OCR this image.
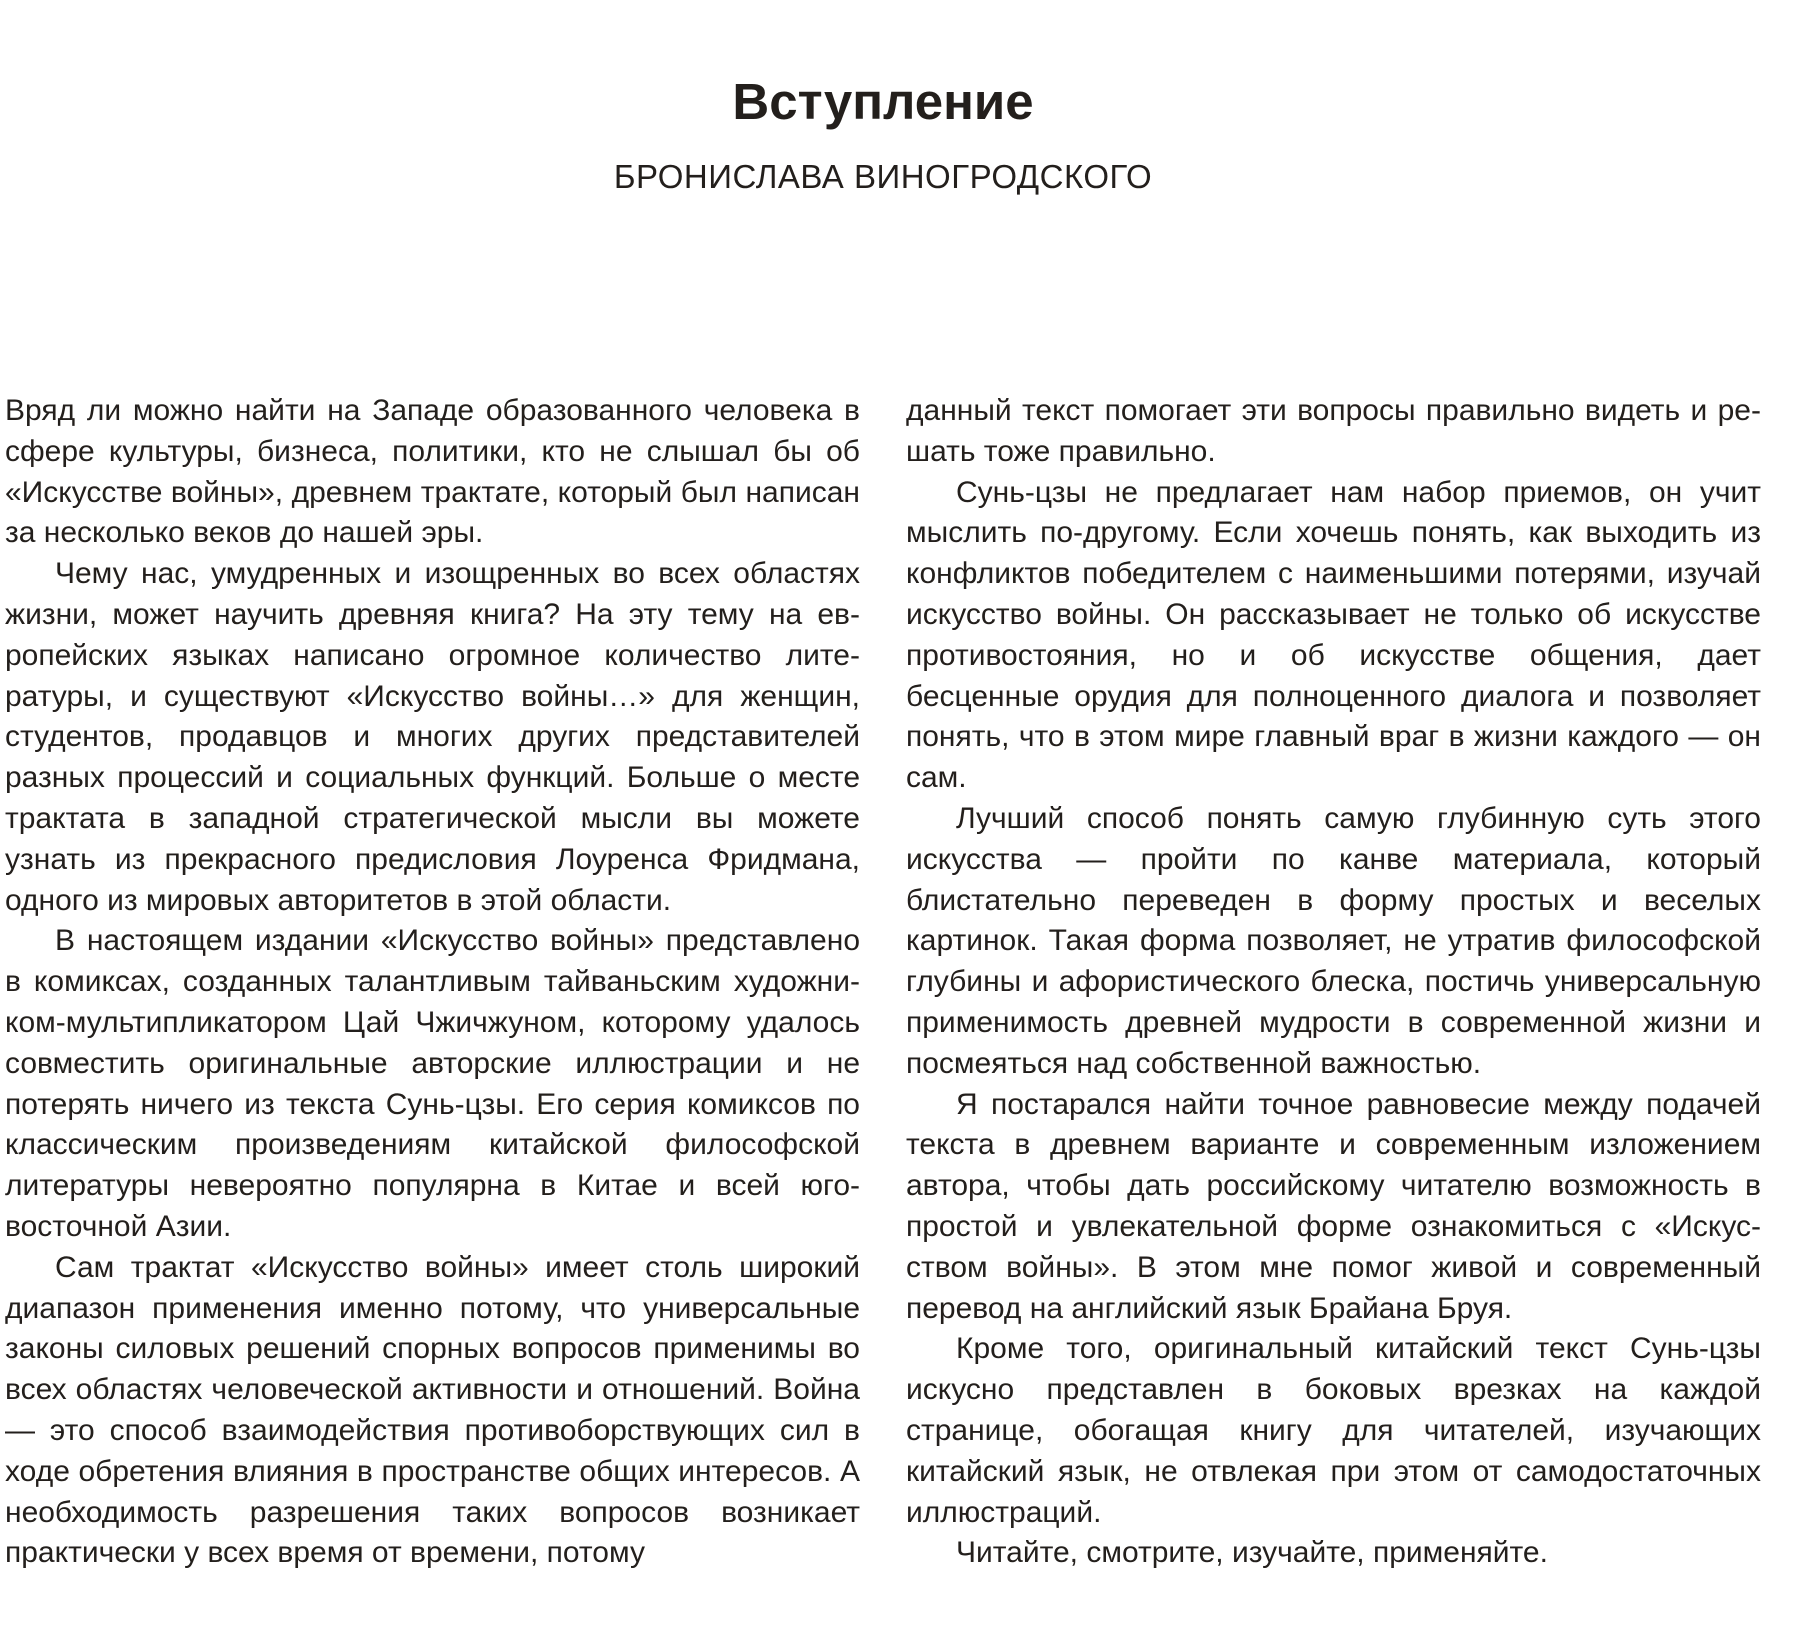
Вступление
БРОНИСЛАВА ВИНОГРОДСКОГО

Вряд ли можно найти на Западе образованного человека в сфере культуры, бизнеса, политики, кто не слышал бы об «Искусстве войны», древнем трактате, который был написан за несколько веков до нашей эры.

Чему нас, умудренных и изощренных во всех областях жизни, может научить древняя книга? На эту тему на европейских языках написано огромное количество литературы, и существуют «Искусство войны…» для женщин, студентов, продавцов и многих других представителей разных процессий и социальных функций. Больше о месте трактата в западной стратегической мысли вы можете узнать из прекрасного предисловия Лоуренса Фридмана, одного из мировых авторитетов в этой области.

В настоящем издании «Искусство войны» представлено в комиксах, созданных талантливым тайваньским художником-мультипликатором Цай Чжичжуном, которому удалось совместить оригинальные авторские иллюстрации и не потерять ничего из текста Сунь-цзы. Его серия комиксов по классическим произведениям китайской философской литературы невероятно популярна в Китае и всей юго-восточной Азии.

Сам трактат «Искусство войны» имеет столь широкий диапазон применения именно потому, что универсальные законы силовых решений спорных вопросов применимы во всех областях человеческой активности и отношений. Война — это способ взаимодействия противоборствующих сил в ходе обретения влияния в пространстве общих интересов. А необходимость разрешения таких вопросов возникает практически у всех время от времени, потому

данный текст помогает эти вопросы правильно видеть и решать тоже правильно.

Сунь-цзы не предлагает нам набор приемов, он учит мыслить по-другому. Если хочешь понять, как выходить из конфликтов победителем с наименьшими потерями, изучай искусство войны. Он рассказывает не только об искусстве противостояния, но и об искусстве общения, дает бесценные орудия для полноценного диалога и позволяет понять, что в этом мире главный враг в жизни каждого — он сам.

Лучший способ понять самую глубинную суть этого искусства — пройти по канве материала, который блистательно переведен в форму простых и веселых картинок. Такая форма позволяет, не утратив философской глубины и афористического блеска, постичь универсальную применимость древней мудрости в современной жизни и посмеяться над собственной важностью.

Я постарался найти точное равновесие между подачей текста в древнем варианте и современным изложением автора, чтобы дать российскому читателю возможность в простой и увлекательной форме ознакомиться с «Искусством войны». В этом мне помог живой и современный перевод на английский язык Брайана Бруя.

Кроме того, оригинальный китайский текст Сунь-цзы искусно представлен в боковых врезках на каждой странице, обогащая книгу для читателей, изучающих китайский язык, не отвлекая при этом от самодостаточных иллюстраций.

Читайте, смотрите, изучайте, применяйте.
